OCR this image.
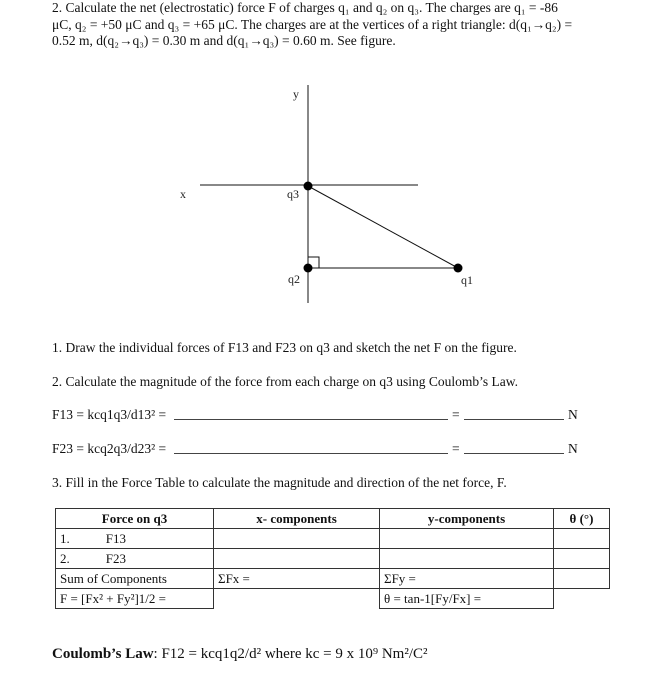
2. Calculate the net (electrostatic) force F of charges q₁ and q₂ on q₃. The charges are q₁ = -86
μC, q₂ = +50 μC and q₃ = +65 μC. The charges are at the vertices of a right triangle: d(q₁→q₂) =
0.52 m, d(q₂→q₃) = 0.30 m and d(q₁→q₃) = 0.60 m. See figure.
y
x	q3
q2	q1
1. Draw the individual forces of F13 and F23 on q3 and sketch the net F on the figure.
2. Calculate the magnitude of the force from each charge on q3 using Coulomb’s Law.
F13 = kcq1q3/d13² =	=	N
F23 = kcq2q3/d23² =	=	N
3. Fill in the Force Table to calculate the magnitude and direction of the net force, F.
Force on q3	x- components	y-components	θ (°)
1. F13			
2. F23			
Sum of Components	ΣFx =	ΣFy =	
F = [Fx² + Fy²]1/2 =		θ = tan-1[Fy/Fx] =	
Coulomb’s Law: F12 = kcq1q2/d² where kc = 9 x 10⁹ Nm²/C²
